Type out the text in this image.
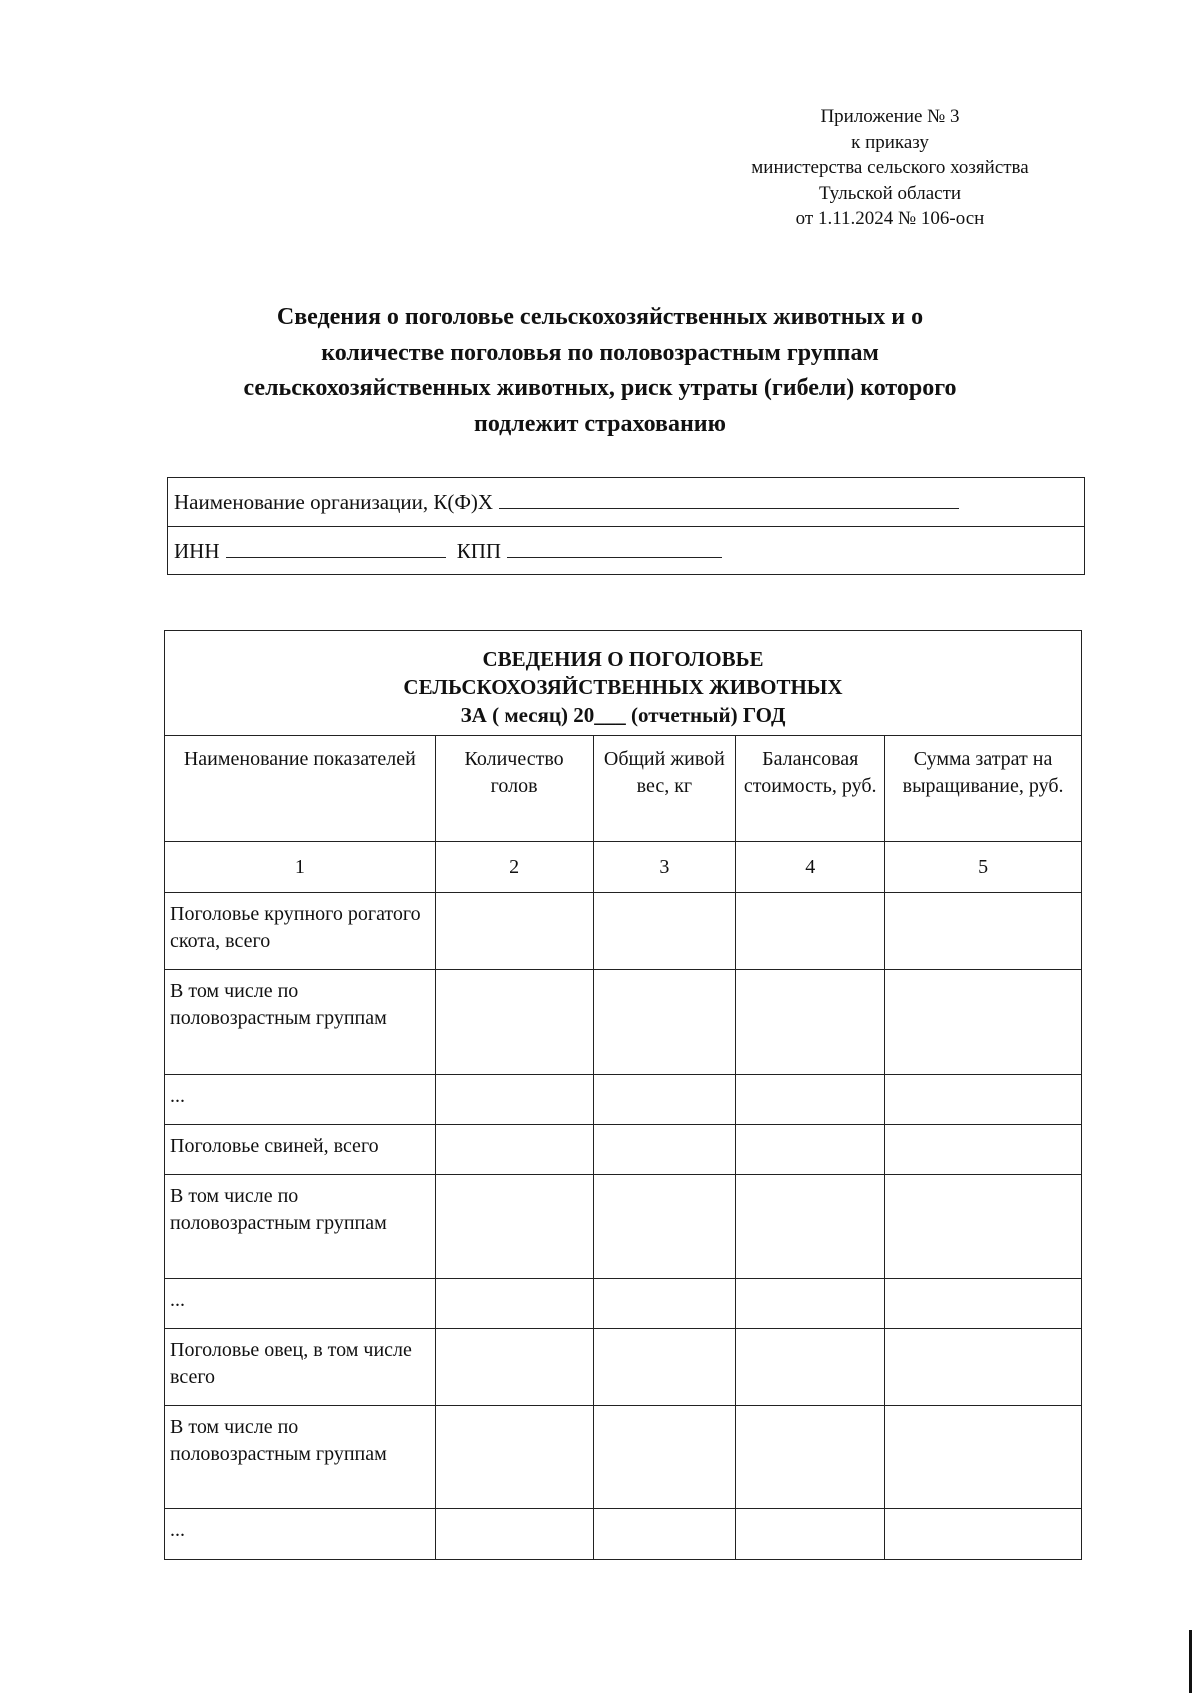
Приложение № 3
к приказу
министерства сельского хозяйства
Тульской области
от 1.11.2024 № 106-осн
Сведения о поголовье сельскохозяйственных животных и о
количестве поголовья по половозрастным группам
сельскохозяйственных животных, риск утраты (гибели) которого
подлежит страхованию
Наименование организации, К(Ф)Х
ИНН	КПП
СВЕДЕНИЯ О ПОГОЛОВЬЕ
СЕЛЬСКОХОЗЯЙСТВЕННЫХ ЖИВОТНЫХ
ЗА ( месяц) 20___ (отчетный) ГОД				

Наименование показателей	Количество голов	Общий живой вес, кг	Балансовая стоимость, руб.	Сумма затрат на выращивание, руб.
1	2	3	4	5
Поголовье крупного рогатого скота, всего				
В том числе по половозрастным группам				
...				
Поголовье свиней, всего				
В том числе по половозрастным группам				
...				
Поголовье овец, в том числе всего				
В том числе по половозрастным группам				
...				
